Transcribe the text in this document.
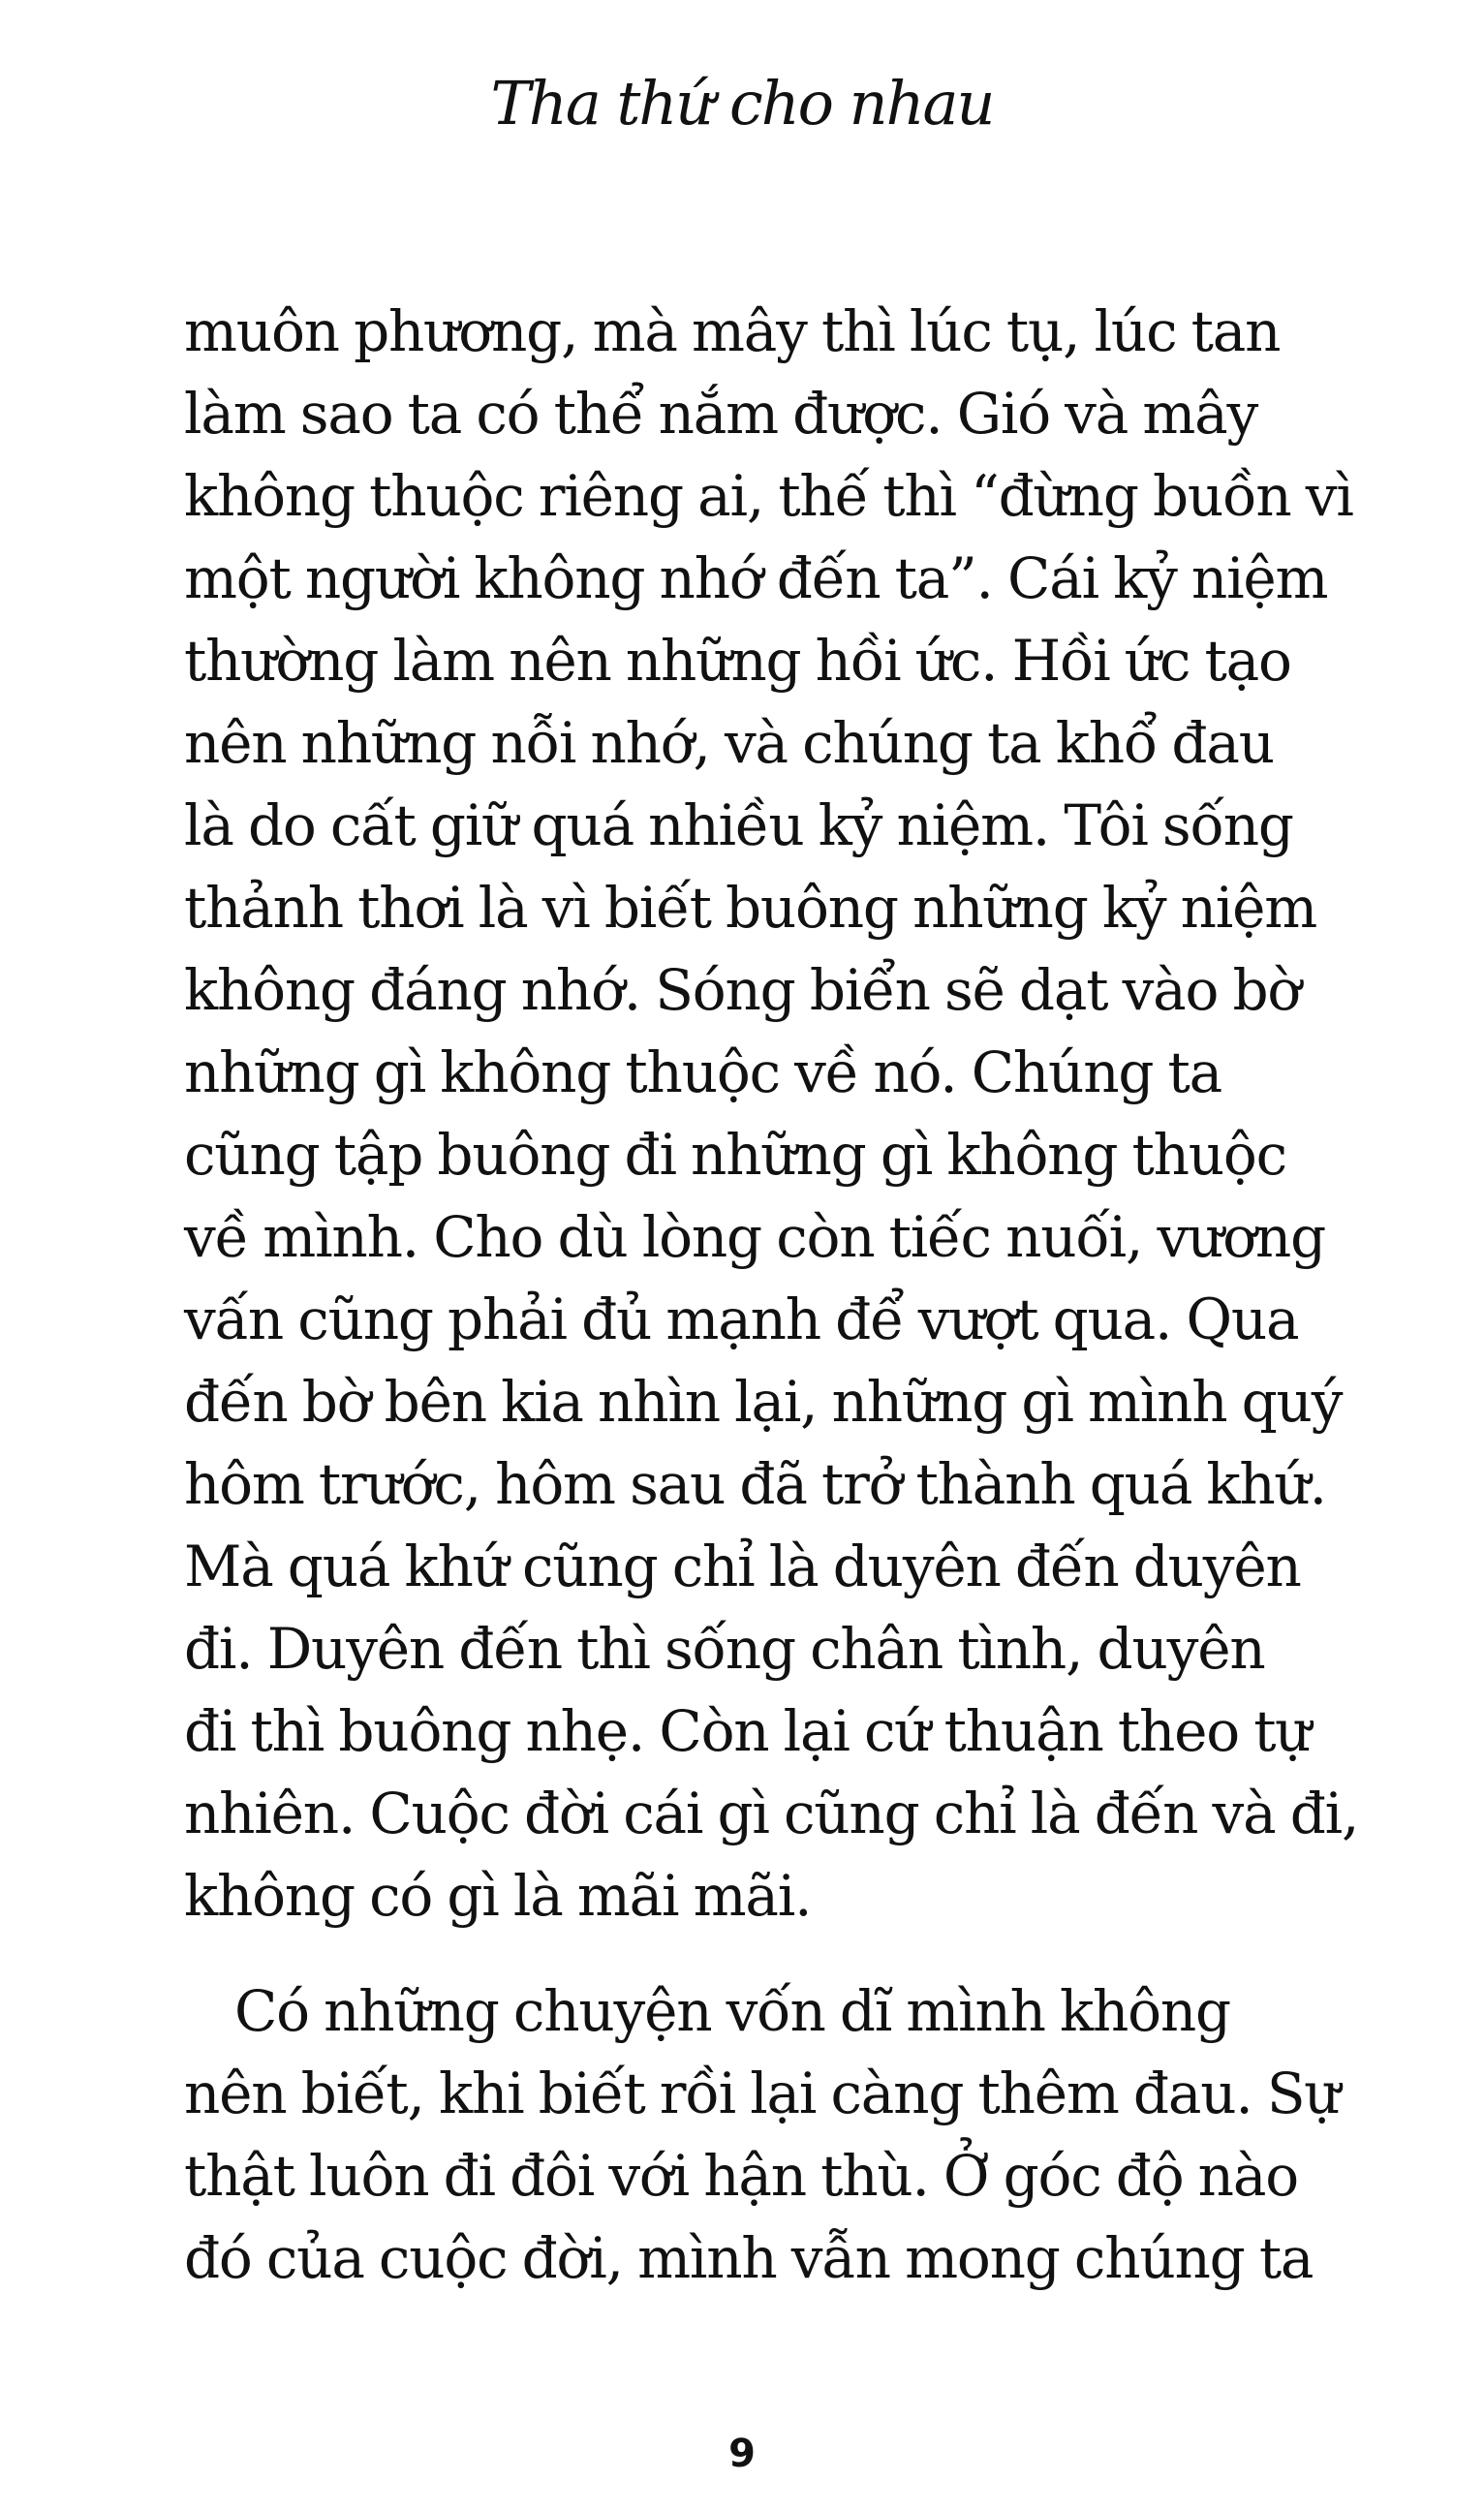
Tha thứ cho nhau
muôn phương, mà mây thì lúc tụ, lúc tan
làm sao ta có thể nắm được. Gió và mây
không thuộc riêng ai, thế thì “đừng buồn vì
một người không nhớ đến ta”. Cái kỷ niệm
thường làm nên những hồi ức. Hồi ức tạo
nên những nỗi nhớ, và chúng ta khổ đau
là do cất giữ quá nhiều kỷ niệm. Tôi sống
thảnh thơi là vì biết buông những kỷ niệm
không đáng nhớ. Sóng biển sẽ dạt vào bờ
những gì không thuộc về nó. Chúng ta
cũng tập buông đi những gì không thuộc
về mình. Cho dù lòng còn tiếc nuối, vương
vấn cũng phải đủ mạnh để vượt qua. Qua
đến bờ bên kia nhìn lại, những gì mình quý
hôm trước, hôm sau đã trở thành quá khứ.
Mà quá khứ cũng chỉ là duyên đến duyên
đi. Duyên đến thì sống chân tình, duyên
đi thì buông nhẹ. Còn lại cứ thuận theo tự
nhiên. Cuộc đời cái gì cũng chỉ là đến và đi,
không có gì là mãi mãi.
Có những chuyện vốn dĩ mình không
nên biết, khi biết rồi lại càng thêm đau. Sự
thật luôn đi đôi với hận thù. Ở góc độ nào
đó của cuộc đời, mình vẫn mong chúng ta
9
